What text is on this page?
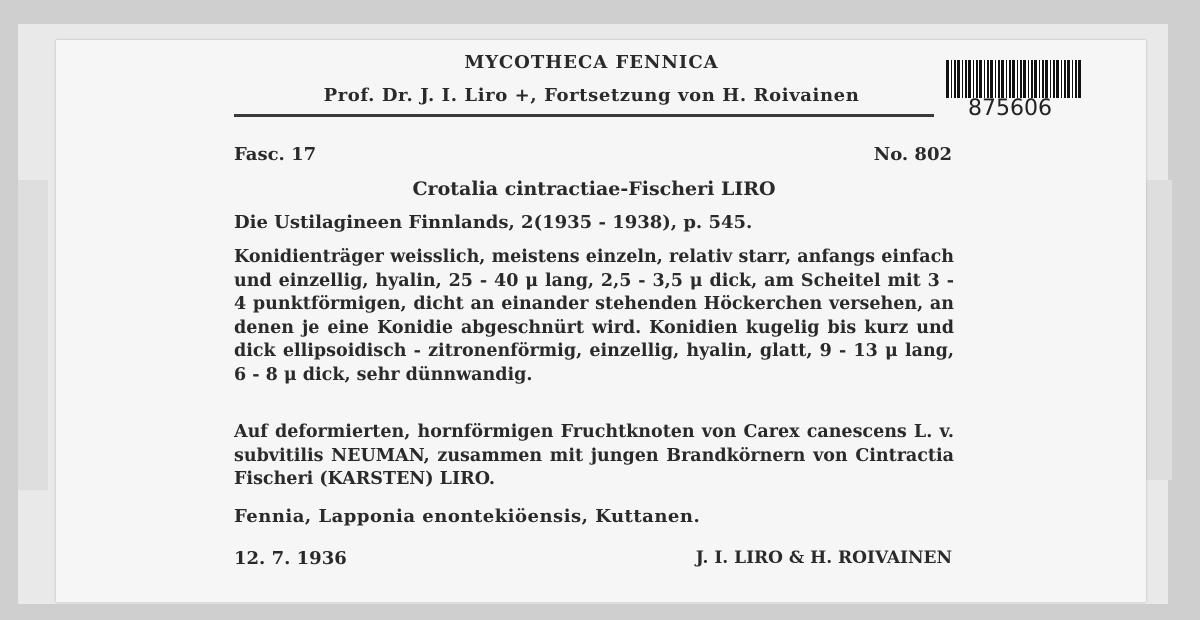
MYCOTHECA FENNICA
Prof. Dr. J. I. Liro +, Fortsetzung von H. Roivainen
Fasc. 17	No. 802
Crotalia cintractiae-Fischeri LIRO
Die Ustilagineen Finnlands, 2(1935 - 1938), p. 545.
Konidienträger weisslich, meistens einzeln, relativ starr, anfangs einfach und einzellig, hyalin, 25 - 40 μ lang, 2,5 - 3,5 μ dick, am Scheitel mit 3 - 4 punktförmigen, dicht an einander stehenden Höckerchen versehen, an denen je eine Konidie abgeschnürt wird. Konidien kugelig bis kurz und dick ellipsoidisch - zitronenförmig, einzellig, hyalin, glatt, 9 - 13 μ lang, 6 - 8 μ dick, sehr dünnwandig.
Auf deformierten, hornförmigen Fruchtknoten von Carex canescens L. v. subvitilis NEUMAN, zusammen mit jungen Brandkörnern von Cintractia Fischeri (KARSTEN) LIRO.
Fennia, Lapponia enontekiöensis, Kuttanen.
12. 7. 1936	J. I. LIRO & H. ROIVAINEN
875606
